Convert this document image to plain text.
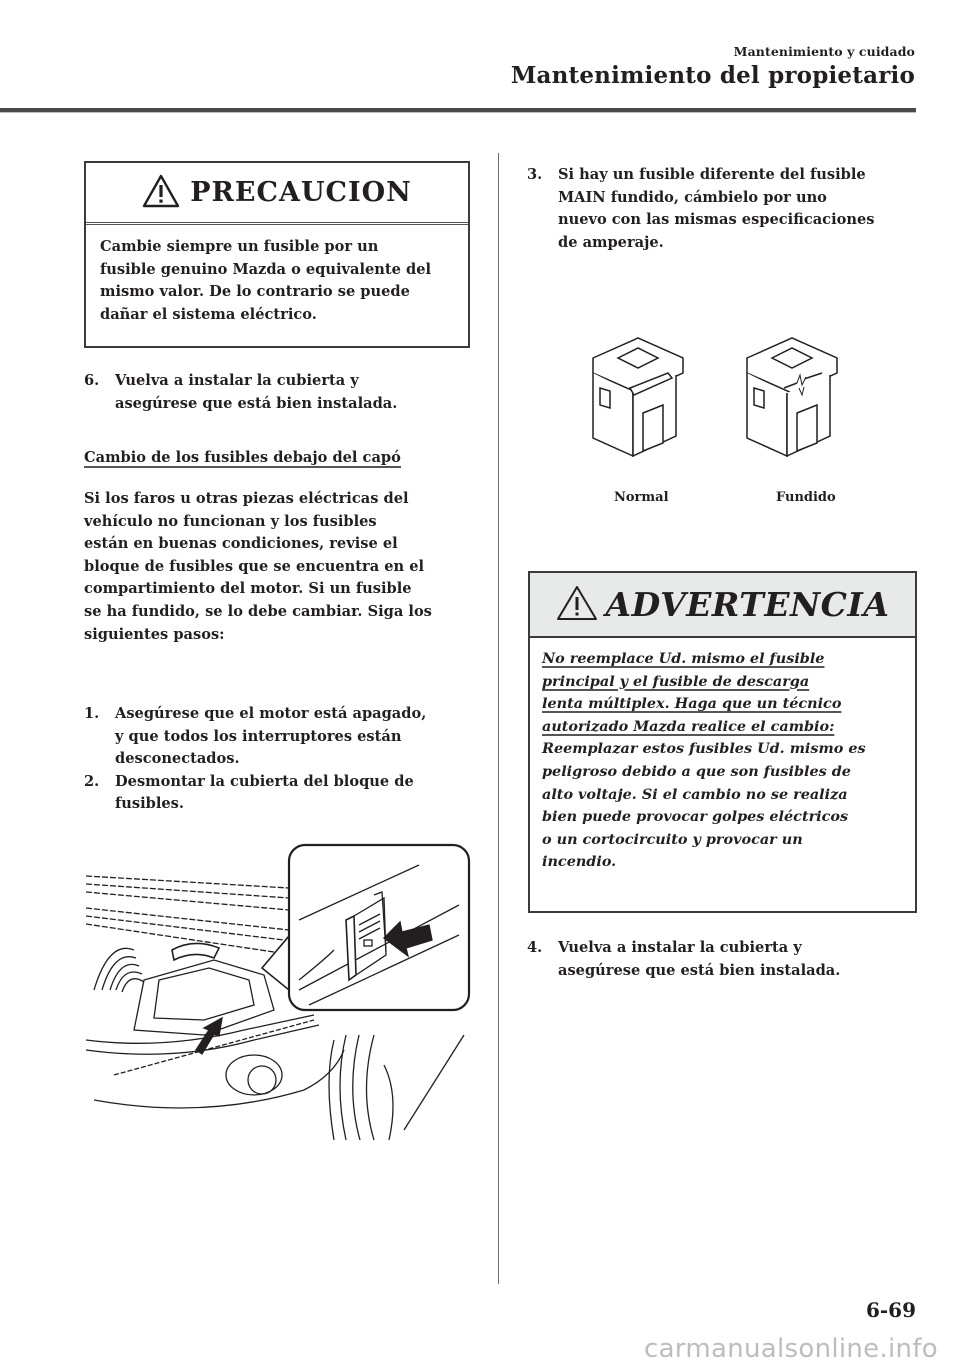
Mantenimiento y cuidado
Mantenimiento del propietario
PRECAUCION
Cambie siempre un fusible por un
fusible genuino Mazda o equivalente del
mismo valor. De lo contrario se puede
dañar el sistema eléctrico.
6.	Vuelva a instalar la cubierta y
asegúrese que está bien instalada.
Cambio de los fusibles debajo del capó
Si los faros u otras piezas eléctricas del
vehículo no funcionan y los fusibles
están en buenas condiciones, revise el
bloque de fusibles que se encuentra en el
compartimiento del motor. Si un fusible
se ha fundido, se lo debe cambiar. Siga los
siguientes pasos:
1.	Asegúrese que el motor está apagado,
y que todos los interruptores están
desconectados.
2.	Desmontar la cubierta del bloque de
fusibles.
3.	Si hay un fusible diferente del fusible
MAIN fundido, cámbielo por uno
nuevo con las mismas especificaciones
de amperaje.
Normal	Fundido
ADVERTENCIA
No reemplace Ud. mismo el fusible
principal y el fusible de descarga
lenta múltiplex. Haga que un técnico
autorizado Mazda realice el cambio:
Reemplazar estos fusibles Ud. mismo es
peligroso debido a que son fusibles de
alto voltaje. Si el cambio no se realiza
bien puede provocar golpes eléctricos
o un cortocircuito y provocar un
incendio.
4.	Vuelva a instalar la cubierta y
asegúrese que está bien instalada.
6-69
carmanualsonline.info
